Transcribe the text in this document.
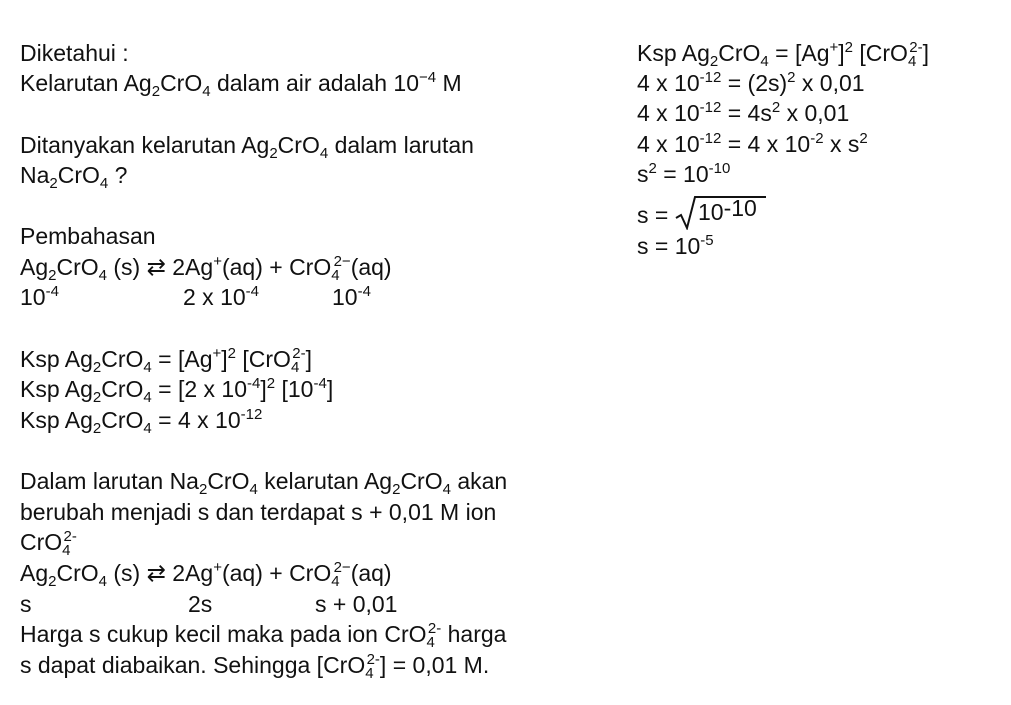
Diketahui :
Kelarutan $Ag_2CrO_4$ dalam air adalah $10^{-4}$ M
Ditanyakan kelarutan $Ag_2CrO_4$ dalam larutan
$Na_2CrO_4$ ?
Pembahasan
$Ag_2CrO_4$ (s) ⇄ 2Ag+(aq) + CrO$_4^{2-}$(aq)
$10^{-4}$	2 x $10^{-4}$	$10^{-4}$
Ksp $Ag_2CrO_4 = [Ag^+]^2$ [CrO$_4^{2-}$]
Ksp $Ag_2CrO_4 = [2$ x $10^{-4}]^2$ $[10^{-4}]$
Ksp $Ag_2CrO_4 = 4$ x $10^{-12}$
Dalam larutan $Na_2CrO_4$ kelarutan $Ag_2CrO_4$ akan
berubah menjadi s dan terdapat s + 0,01 M ion
CrO$_4^{2-}$
$Ag_2CrO_4$ (s) ⇄ 2Ag+(aq) + CrO$_4^{2-}$(aq)
s	2s	s + 0,01
Harga s cukup kecil maka pada ion CrO$_4^{2-}$ harga
s dapat diabaikan. Sehingga [CrO$_4^{2-}$] = 0,01 M.
Ksp $Ag_2CrO_4 = [Ag^+]^2$ [CrO$_4^{2-}$]
4 x $10^{-12} = (2s)^2$ x 0,01
4 x $10^{-12} = 4s^2$ x 0,01
4 x $10^{-12} = 4$ x $10^{-2}$ x $s^2$
$s^2 = 10^{-10}$
$s = 10^{-10}$
$s = 10^{-5}$
